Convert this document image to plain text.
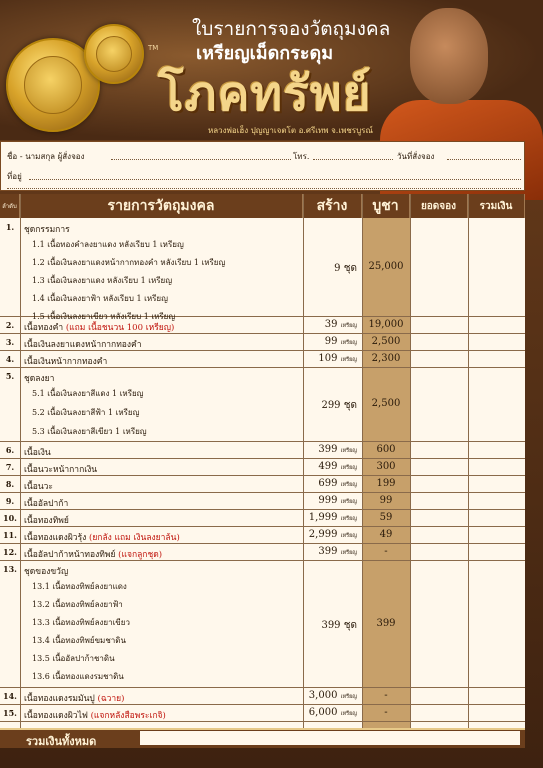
TM
ใบรายการจองวัตถุมงคล
เหรียญเม็ดกระดุม
โภคทรัพย์
หลวงพ่อเฮ็ง ปุญญาเจตโต อ.ศรีเทพ จ.เพชรบูรณ์
ชื่อ - นามสกุล ผู้สั่งจอง	โทร.	วันที่สั่งจอง
ที่อยู่
ลำดับ	รายการวัตถุมงคล	สร้าง	บูชา	ยอดจอง	รวมเงิน
1.	ชุดกรรมการ
1.1 เนื้อทองคำลงยาแดง หลังเรียบ 1 เหรียญ
1.2 เนื้อเงินลงยาแดงหน้ากากทองคำ หลังเรียบ 1 เหรียญ
1.3 เนื้อเงินลงยาแดง หลังเรียบ 1 เหรียญ
1.4 เนื้อเงินลงยาฟ้า หลังเรียบ 1 เหรียญ
1.5 เนื้อเงินลงยาเขียว หลังเรียบ 1 เหรียญ
9 ชุด	25,000
2.	เนื้อทองคำ (แถม เนื้อชนวน 100 เหรียญ)	39 เหรียญ	19,000
3.	เนื้อเงินลงยาแดงหน้ากากทองคำ	99 เหรียญ	2,500
4.	เนื้อเงินหน้ากากทองคำ	109 เหรียญ	2,300
5.	ชุดลงยา
5.1 เนื้อเงินลงยาสีแดง 1 เหรียญ
5.2 เนื้อเงินลงยาสีฟ้า 1 เหรียญ
5.3 เนื้อเงินลงยาสีเขียว 1 เหรียญ
299 ชุด	2,500
6.	เนื้อเงิน	399 เหรียญ	600
7.	เนื้อนวะหน้ากากเงิน	499 เหรียญ	300
8.	เนื้อนวะ	699 เหรียญ	199
9.	เนื้ออัลปาก้า	999 เหรียญ	99
10. เนื้อทองทิพย์	1,999 เหรียญ	59
11. เนื้อทองแดงผิวรุ้ง (ยกลัง แถม เงินลงยาล้น)	2,999 เหรียญ	49
12. เนื้ออัลปาก้าหน้าทองทิพย์ (แจกลูกชุด)	399 เหรียญ	-
13. ชุดของขวัญ
13.1 เนื้อทองทิพย์ลงยาแดง
13.2 เนื้อทองทิพย์ลงยาฟ้า
13.3 เนื้อทองทิพย์ลงยาเขียว
13.4 เนื้อทองทิพย์ขมชาดิน
13.5 เนื้ออัลปาก้าชาดิน
13.6 เนื้อทองแดงรมชาดิน
399 ชุด	399
14. เนื้อทองแดงรมมันปู (ฉวาย)	3,000 เหรียญ	-
15. เนื้อทองแดงผิวไฟ (แจกหลังสือพระเกจิ)	6,000 เหรียญ	-
รวมเงินทั้งหมด
